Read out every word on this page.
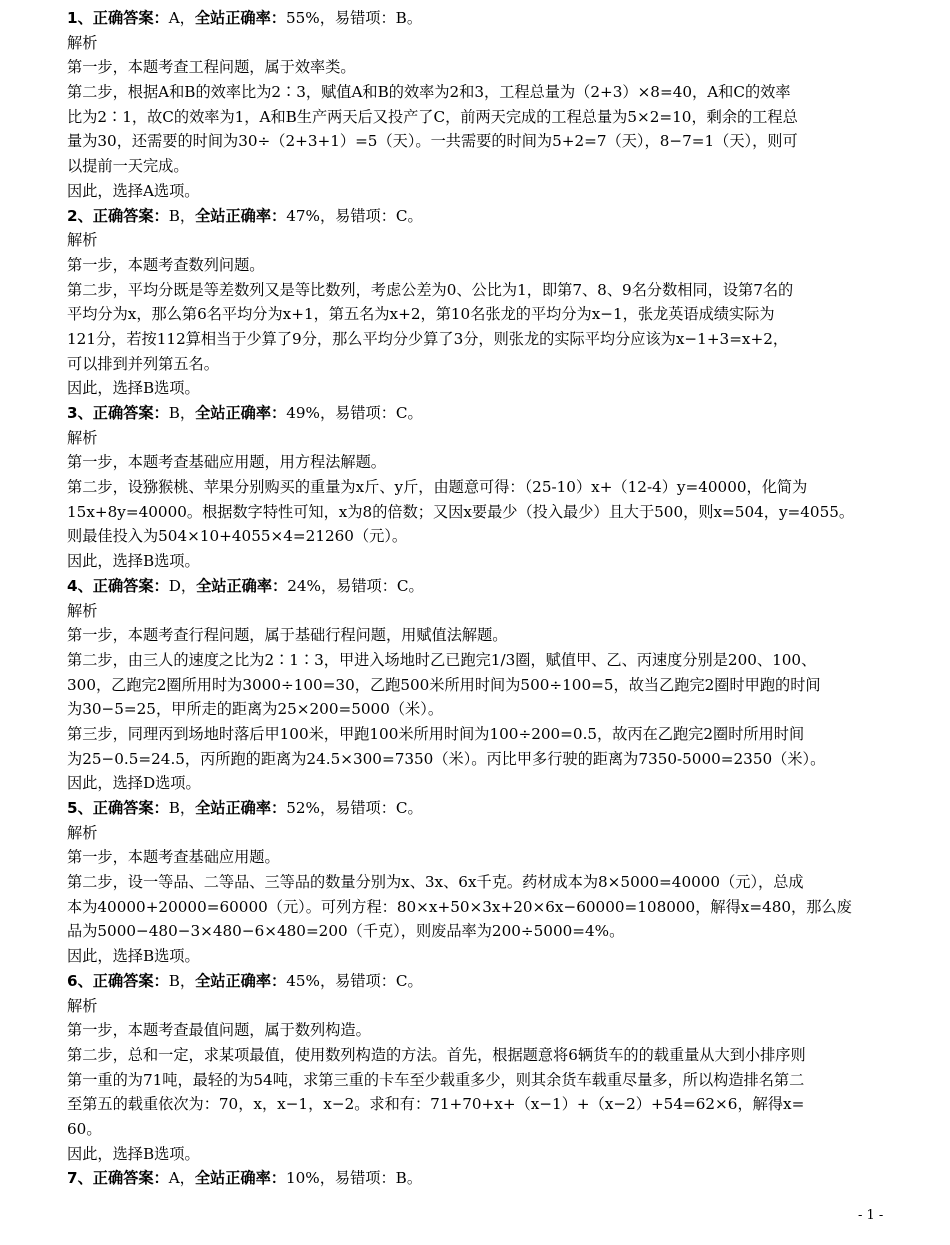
1、正确答案：A，全站正确率：55%，易错项：B。
解析
第一步，本题考查工程问题，属于效率类。
第二步，根据A和B的效率比为2∶3，赋值A和B的效率为2和3，工程总量为（2+3）×8=40，A和C的效率
比为2∶1，故C的效率为1，A和B生产两天后又投产了C，前两天完成的工程总量为5×2=10，剩余的工程总
量为30，还需要的时间为30÷（2+3+1）=5（天）。一共需要的时间为5+2=7（天），8−7=1（天），则可
以提前一天完成。
因此，选择A选项。
2、正确答案：B，全站正确率：47%，易错项：C。
解析
第一步，本题考查数列问题。
第二步，平均分既是等差数列又是等比数列，考虑公差为0、公比为1，即第7、8、9名分数相同，设第7名的
平均分为x，那么第6名平均分为x+1，第五名为x+2，第10名张龙的平均分为x−1，张龙英语成绩实际为
121分，若按112算相当于少算了9分，那么平均分少算了3分，则张龙的实际平均分应该为x−1+3=x+2，
可以排到并列第五名。
因此，选择B选项。
3、正确答案：B，全站正确率：49%，易错项：C。
解析
第一步，本题考查基础应用题，用方程法解题。
第二步，设猕猴桃、苹果分别购买的重量为x斤、y斤，由题意可得：（25-10）x+（12-4）y=40000，化简为
15x+8y=40000。根据数字特性可知，x为8的倍数；又因x要最少（投入最少）且大于500，则x=504，y=4055。
则最佳投入为504×10+4055×4=21260（元）。
因此，选择B选项。
4、正确答案：D，全站正确率：24%，易错项：C。
解析
第一步，本题考查行程问题，属于基础行程问题，用赋值法解题。
第二步，由三人的速度之比为2∶1∶3，甲进入场地时乙已跑完1/3圈，赋值甲、乙、丙速度分别是200、100、
300，乙跑完2圈所用时为3000÷100=30，乙跑500米所用时间为500÷100=5，故当乙跑完2圈时甲跑的时间
为30−5=25，甲所走的距离为25×200=5000（米）。
第三步，同理丙到场地时落后甲100米，甲跑100米所用时间为100÷200=0.5，故丙在乙跑完2圈时所用时间
为25−0.5=24.5，丙所跑的距离为24.5×300=7350（米）。丙比甲多行驶的距离为7350-5000=2350（米）。
因此，选择D选项。
5、正确答案：B，全站正确率：52%，易错项：C。
解析
第一步，本题考查基础应用题。
第二步，设一等品、二等品、三等品的数量分别为x、3x、6x千克。药材成本为8×5000=40000（元），总成
本为40000+20000=60000（元）。可列方程：80×x+50×3x+20×6x−60000=108000，解得x=480，那么废
品为5000−480−3×480−6×480=200（千克），则废品率为200÷5000=4%。
因此，选择B选项。
6、正确答案：B，全站正确率：45%，易错项：C。
解析
第一步，本题考查最值问题，属于数列构造。
第二步，总和一定，求某项最值，使用数列构造的方法。首先，根据题意将6辆货车的的载重量从大到小排序则
第一重的为71吨，最轻的为54吨，求第三重的卡车至少载重多少，则其余货车载重尽量多，所以构造排名第二
至第五的载重依次为：70，x，x−1，x−2。求和有：71+70+x+（x−1）+（x−2）+54=62×6，解得x=
60。
因此，选择B选项。
7、正确答案：A，全站正确率：10%，易错项：B。
- 1 -
